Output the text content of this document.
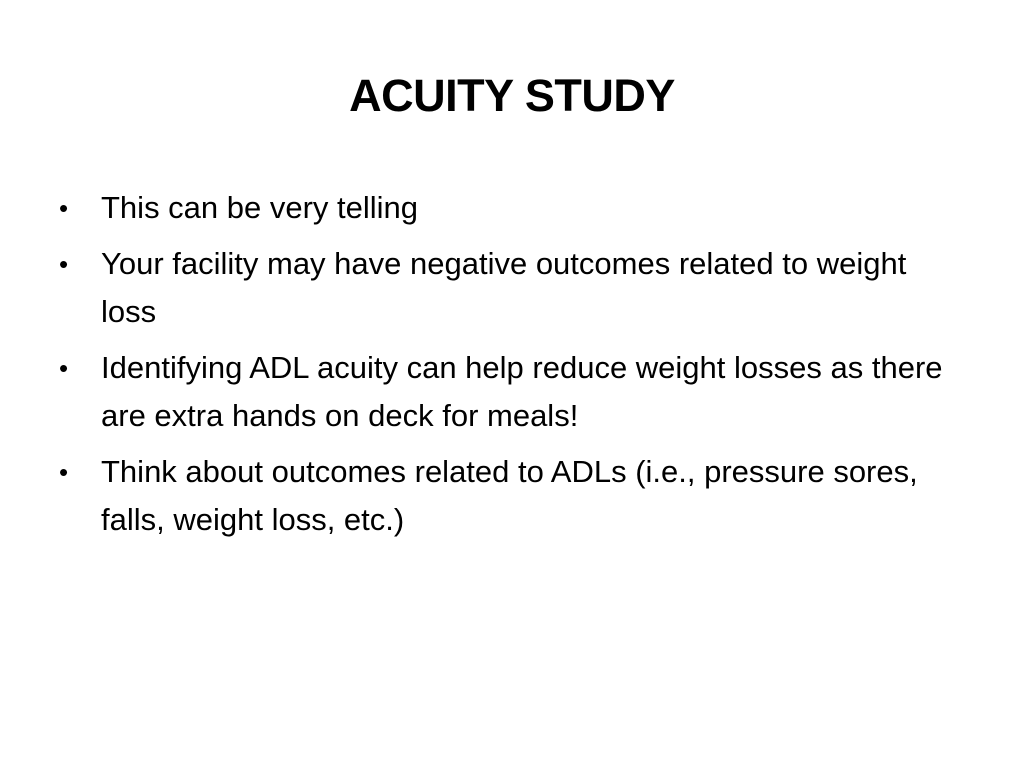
ACUITY STUDY
•	This can be very telling
•	Your facility may have negative outcomes related to weight loss
•	Identifying ADL acuity can help reduce weight losses as there are extra hands on deck for meals!
•	Think about outcomes related to ADLs (i.e., pressure sores, falls, weight loss, etc.)
